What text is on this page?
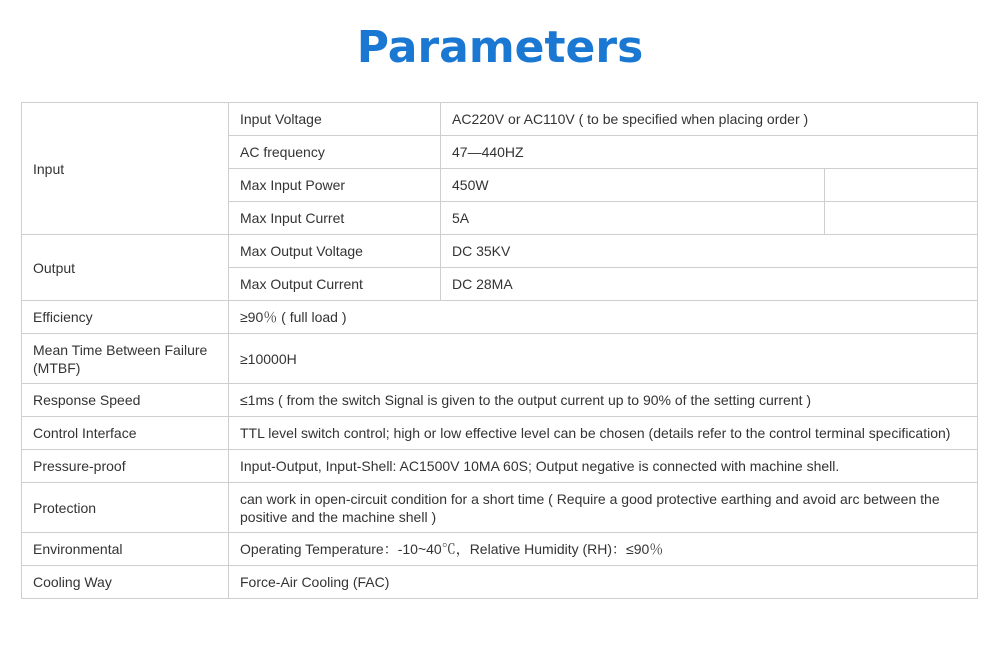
Parameters
Input	Input Voltage	AC220V or AC110V ( to be specified when placing order )	
	AC frequency	47—440HZ	
	Max Input Power	450W	
	Max Input Curret	5A	
Output	Max Output Voltage	DC 35KV	
	Max Output Current	DC 28MA	
Efficiency	≥90％ ( full load )		
Mean Time Between Failure (MTBF)	≥10000H		
Response Speed	≤1ms ( from the switch Signal is given to the output current up to 90% of the setting current )		
Control Interface	TTL level switch control; high or low effective level can be chosen (details refer to the control terminal specification)		
Pressure-proof	Input-Output, Input-Shell: AC1500V 10MA 60S; Output negative is connected with machine shell.		
Protection	can work in open-circuit condition for a short time ( Require a good protective earthing and avoid arc between the positive and the machine shell )		
Environmental	Operating Temperature：-10~40℃，Relative Humidity (RH)：≤90％		
Cooling Way	Force-Air Cooling (FAC)		
